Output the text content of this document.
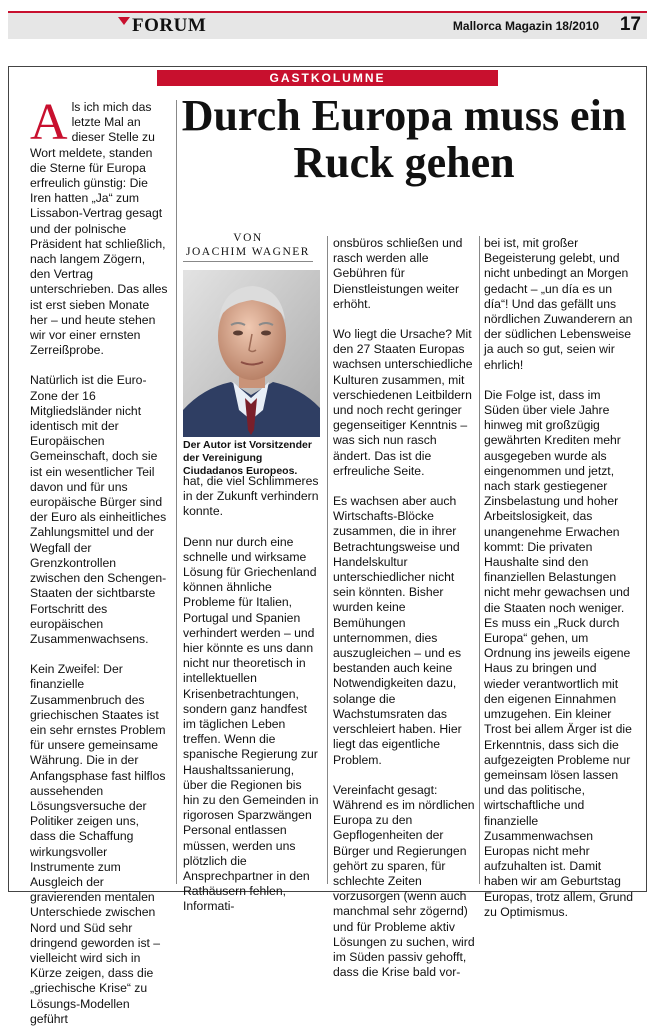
FORUM	Mallorca Magazin 18/2010 17
GASTKOLUMNE
Durch Europa muss ein Ruck gehen

Als ich mich das letzte Mal an dieser Stelle zu Wort meldete, standen die Sterne für Europa erfreulich günstig: Die Iren hatten „Ja“ zum Lissabon-Vertrag gesagt und der polnische Präsident hat schließlich, nach langem Zögern, den Vertrag unterschrieben. Das alles ist erst sieben Monate her – und heute stehen wir vor einer ernsten Zerreißprobe.

Natürlich ist die Euro-Zone der 16 Mitgliedsländer nicht identisch mit der Europäischen Gemeinschaft, doch sie ist ein wesentlicher Teil davon und für uns europäische Bürger sind der Euro als einheitliches Zahlungsmittel und der Wegfall der Grenzkontrollen zwischen den Schengen-Staaten der sichtbarste Fortschritt des europäischen Zusammenwachsens.

Kein Zweifel: Der finanzielle Zusammenbruch des griechischen Staates ist ein sehr ernstes Problem für unsere gemeinsame Währung. Die in der Anfangsphase fast hilflos aussehenden Lösungsversuche der Politiker zeigen uns, dass die Schaffung wirkungsvoller Instrumente zum Ausgleich der gravierenden mentalen Unterschiede zwischen Nord und Süd sehr dringend geworden ist – vielleicht wird sich in Kürze zeigen, dass die „griechische Krise“ zu Lösungs-Modellen geführt

VON
JOACHIM WAGNER
Der Autor ist Vorsitzender der Vereinigung Ciudadanos Europeos.

hat, die viel Schlimmeres in der Zukunft verhindern konnte.

Denn nur durch eine schnelle und wirksame Lösung für Griechenland können ähnliche Probleme für Italien, Portugal und Spanien verhindert werden – und hier könnte es uns dann nicht nur theoretisch in intellektuellen Krisenbetrachtungen, sondern ganz handfest im täglichen Leben treffen. Wenn die spanische Regierung zur Haushaltssanierung, über die Regionen bis hin zu den Gemeinden in rigorosen Sparzwängen Personal entlassen müssen, werden uns plötzlich die Ansprechpartner in den Rathäusern fehlen, Informati-

onsbüros schließen und rasch werden alle Gebühren für Dienstleistungen weiter erhöht.

Wo liegt die Ursache? Mit den 27 Staaten Europas wachsen unterschiedliche Kulturen zusammen, mit verschiedenen Leitbildern und noch recht geringer gegenseitiger Kenntnis – was sich nun rasch ändert. Das ist die erfreuliche Seite.

Es wachsen aber auch Wirtschafts-Blöcke zusammen, die in ihrer Betrachtungsweise und Handelskultur unterschiedlicher nicht sein könnten. Bisher wurden keine Bemühungen unternommen, dies auszugleichen – und es bestanden auch keine Notwendigkeiten dazu, solange die Wachstumsraten das verschleiert haben. Hier liegt das eigentliche Problem.

Vereinfacht gesagt: Während es im nördlichen Europa zu den Gepflogenheiten der Bürger und Regierungen gehört zu sparen, für schlechte Zeiten vorzusorgen (wenn auch manchmal sehr zögernd) und für Probleme aktiv Lösungen zu suchen, wird im Süden passiv gehofft, dass die Krise bald vor-

bei ist, mit großer Begeisterung gelebt, und nicht unbedingt an Morgen gedacht – „un día es un día“! Und das gefällt uns nördlichen Zuwanderern an der südlichen Lebensweise ja auch so gut, seien wir ehrlich!

Die Folge ist, dass im Süden über viele Jahre hinweg mit großzügig gewährten Krediten mehr ausgegeben wurde als eingenommen und jetzt, nach stark gestiegener Zinsbelastung und hoher Arbeitslosigkeit, das unangenehme Erwachen kommt: Die privaten Haushalte sind den finanziellen Belastungen nicht mehr gewachsen und die Staaten noch weniger. Es muss ein „Ruck durch Europa“ gehen, um Ordnung ins jeweils eigene Haus zu bringen und wieder verantwortlich mit den eigenen Einnahmen umzugehen. Ein kleiner Trost bei allem Ärger ist die Erkenntnis, dass sich die aufgezeigten Probleme nur gemeinsam lösen lassen und das politische, wirtschaftliche und finanzielle Zusammenwachsen Europas nicht mehr aufzuhalten ist. Damit haben wir am Geburtstag Europas, trotz allem, Grund zu Optimismus.
